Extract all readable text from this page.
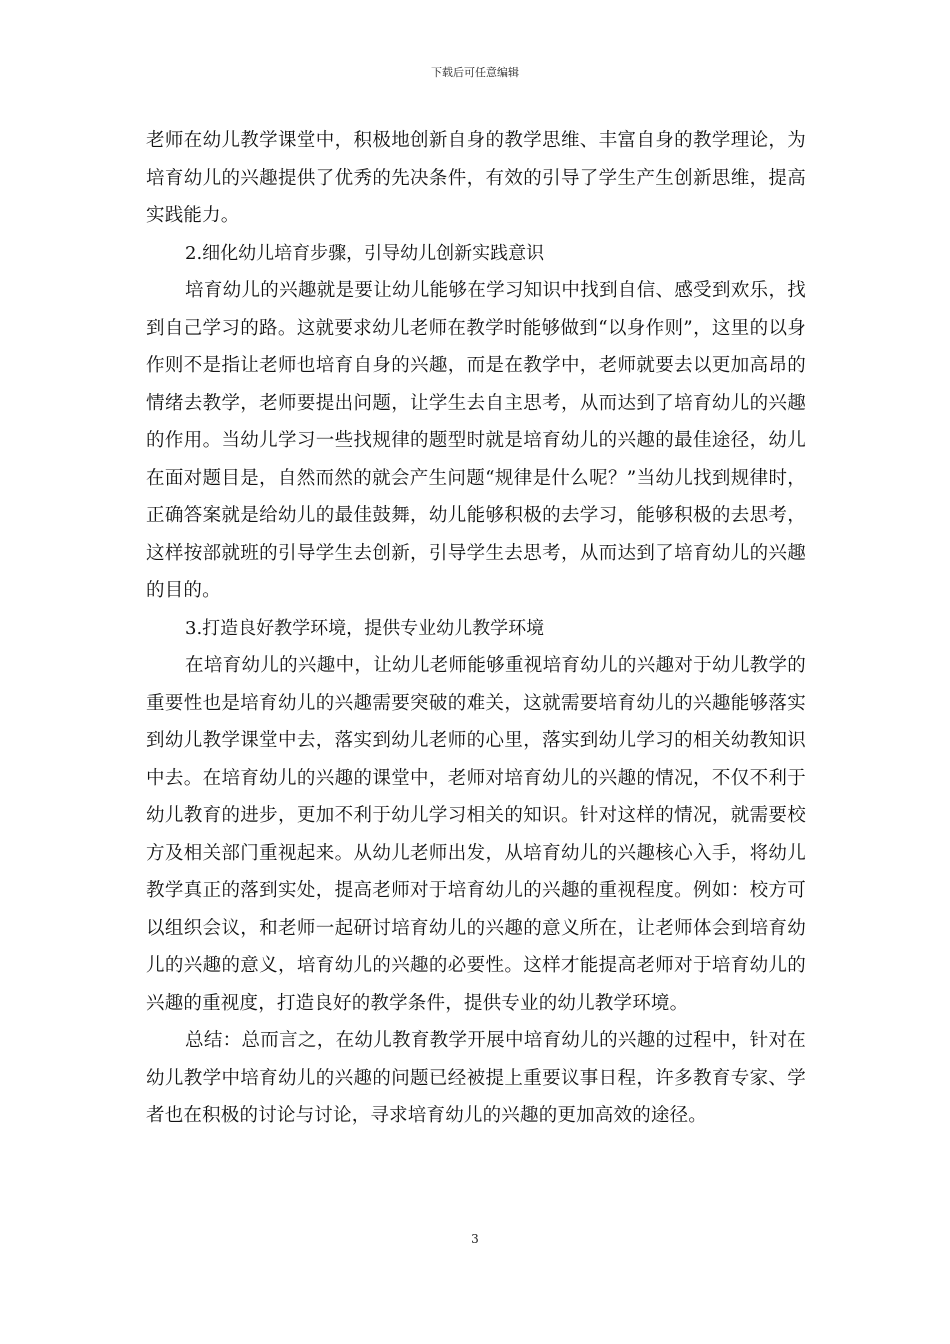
下载后可任意编辑

老师在幼儿教学课堂中，积极地创新自身的教学思维、丰富自身的教学理论，为培育幼儿的兴趣提供了优秀的先决条件，有效的引导了学生产生创新思维，提高实践能力。

2.细化幼儿培育步骤，引导幼儿创新实践意识

培育幼儿的兴趣就是要让幼儿能够在学习知识中找到自信、感受到欢乐，找到自己学习的路。这就要求幼儿老师在教学时能够做到“以身作则”，这里的以身作则不是指让老师也培育自身的兴趣，而是在教学中，老师就要去以更加高昂的情绪去教学，老师要提出问题，让学生去自主思考，从而达到了培育幼儿的兴趣的作用。当幼儿学习一些找规律的题型时就是培育幼儿的兴趣的最佳途径，幼儿在面对题目是，自然而然的就会产生问题“规律是什么呢？”当幼儿找到规律时，正确答案就是给幼儿的最佳鼓舞，幼儿能够积极的去学习，能够积极的去思考，这样按部就班的引导学生去创新，引导学生去思考，从而达到了培育幼儿的兴趣的目的。

3.打造良好教学环境，提供专业幼儿教学环境

在培育幼儿的兴趣中，让幼儿老师能够重视培育幼儿的兴趣对于幼儿教学的重要性也是培育幼儿的兴趣需要突破的难关，这就需要培育幼儿的兴趣能够落实到幼儿教学课堂中去，落实到幼儿老师的心里，落实到幼儿学习的相关幼教知识中去。在培育幼儿的兴趣的课堂中，老师对培育幼儿的兴趣的情况，不仅不利于幼儿教育的进步，更加不利于幼儿学习相关的知识。针对这样的情况，就需要校方及相关部门重视起来。从幼儿老师出发，从培育幼儿的兴趣核心入手，将幼儿教学真正的落到实处，提高老师对于培育幼儿的兴趣的重视程度。例如：校方可以组织会议，和老师一起研讨培育幼儿的兴趣的意义所在，让老师体会到培育幼儿的兴趣的意义，培育幼儿的兴趣的必要性。这样才能提高老师对于培育幼儿的兴趣的重视度，打造良好的教学条件，提供专业的幼儿教学环境。

总结：总而言之，在幼儿教育教学开展中培育幼儿的兴趣的过程中，针对在幼儿教学中培育幼儿的兴趣的问题已经被提上重要议事日程，许多教育专家、学者也在积极的讨论与讨论，寻求培育幼儿的兴趣的更加高效的途径。

3
